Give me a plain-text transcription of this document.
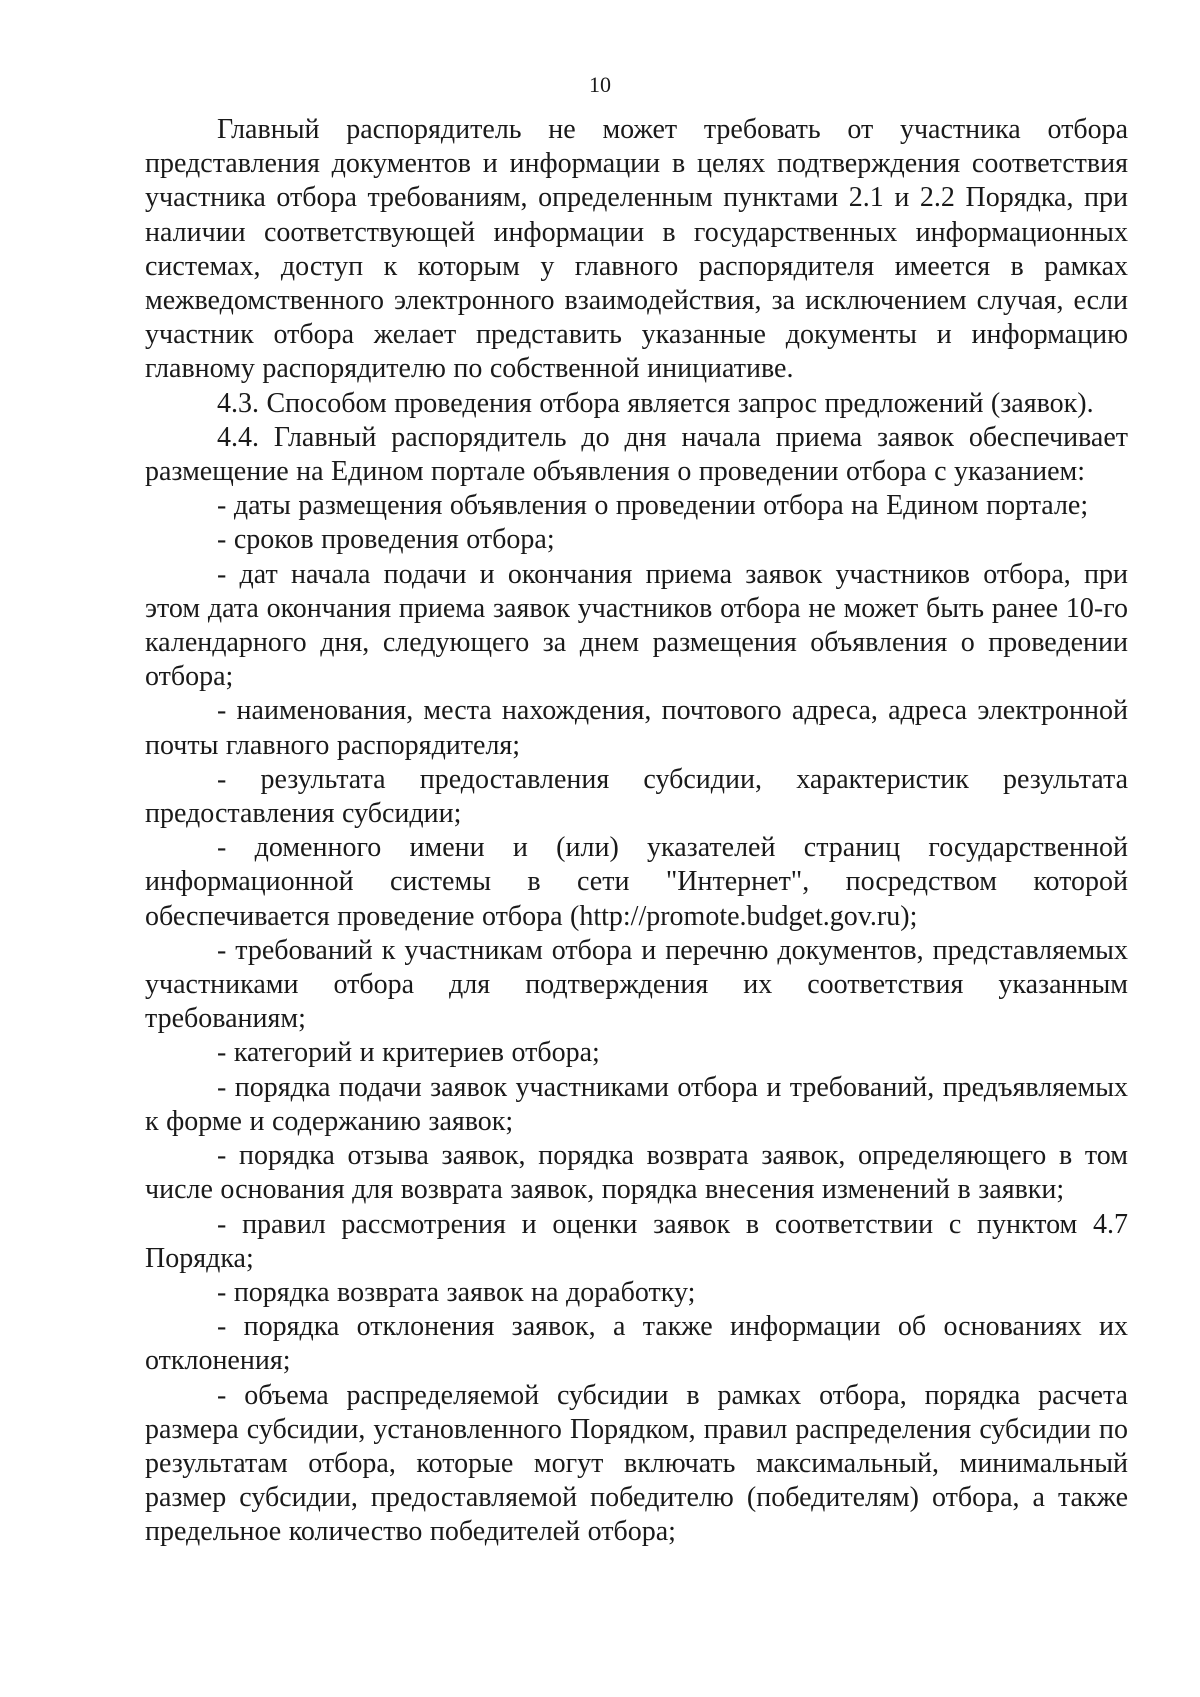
10

Главный распорядитель не может требовать от участника отбора представления документов и информации в целях подтверждения соответствия участника отбора требованиям, определенным пунктами 2.1 и 2.2 Порядка, при наличии соответствующей информации в государственных информационных системах, доступ к которым у главного распорядителя имеется в рамках межведомственного электронного взаимодействия, за исключением случая, если участник отбора желает представить указанные документы и информацию главному распорядителю по собственной инициативе.

4.3. Способом проведения отбора является запрос предложений (заявок).

4.4. Главный распорядитель до дня начала приема заявок обеспечивает размещение на Едином портале объявления о проведении отбора с указанием:

- даты размещения объявления о проведении отбора на Едином портале;

- сроков проведения отбора;

- дат начала подачи и окончания приема заявок участников отбора, при этом дата окончания приема заявок участников отбора не может быть ранее 10-го календарного дня, следующего за днем размещения объявления о проведении отбора;

- наименования, места нахождения, почтового адреса, адреса электронной почты главного распорядителя;

- результата предоставления субсидии, характеристик результата предоставления субсидии;

- доменного имени и (или) указателей страниц государственной информационной системы в сети "Интернет", посредством которой обеспечивается проведение отбора (http://promote.budget.gov.ru);

- требований к участникам отбора и перечню документов, представляемых участниками отбора для подтверждения их соответствия указанным требованиям;

- категорий и критериев отбора;

- порядка подачи заявок участниками отбора и требований, предъявляемых к форме и содержанию заявок;

- порядка отзыва заявок, порядка возврата заявок, определяющего в том числе основания для возврата заявок, порядка внесения изменений в заявки;

- правил рассмотрения и оценки заявок в соответствии с пунктом 4.7 Порядка;

- порядка возврата заявок на доработку;

- порядка отклонения заявок, а также информации об основаниях их отклонения;

- объема распределяемой субсидии в рамках отбора, порядка расчета размера субсидии, установленного Порядком, правил распределения субсидии по результатам отбора, которые могут включать максимальный, минимальный размер субсидии, предоставляемой победителю (победителям) отбора, а также предельное количество победителей отбора;
